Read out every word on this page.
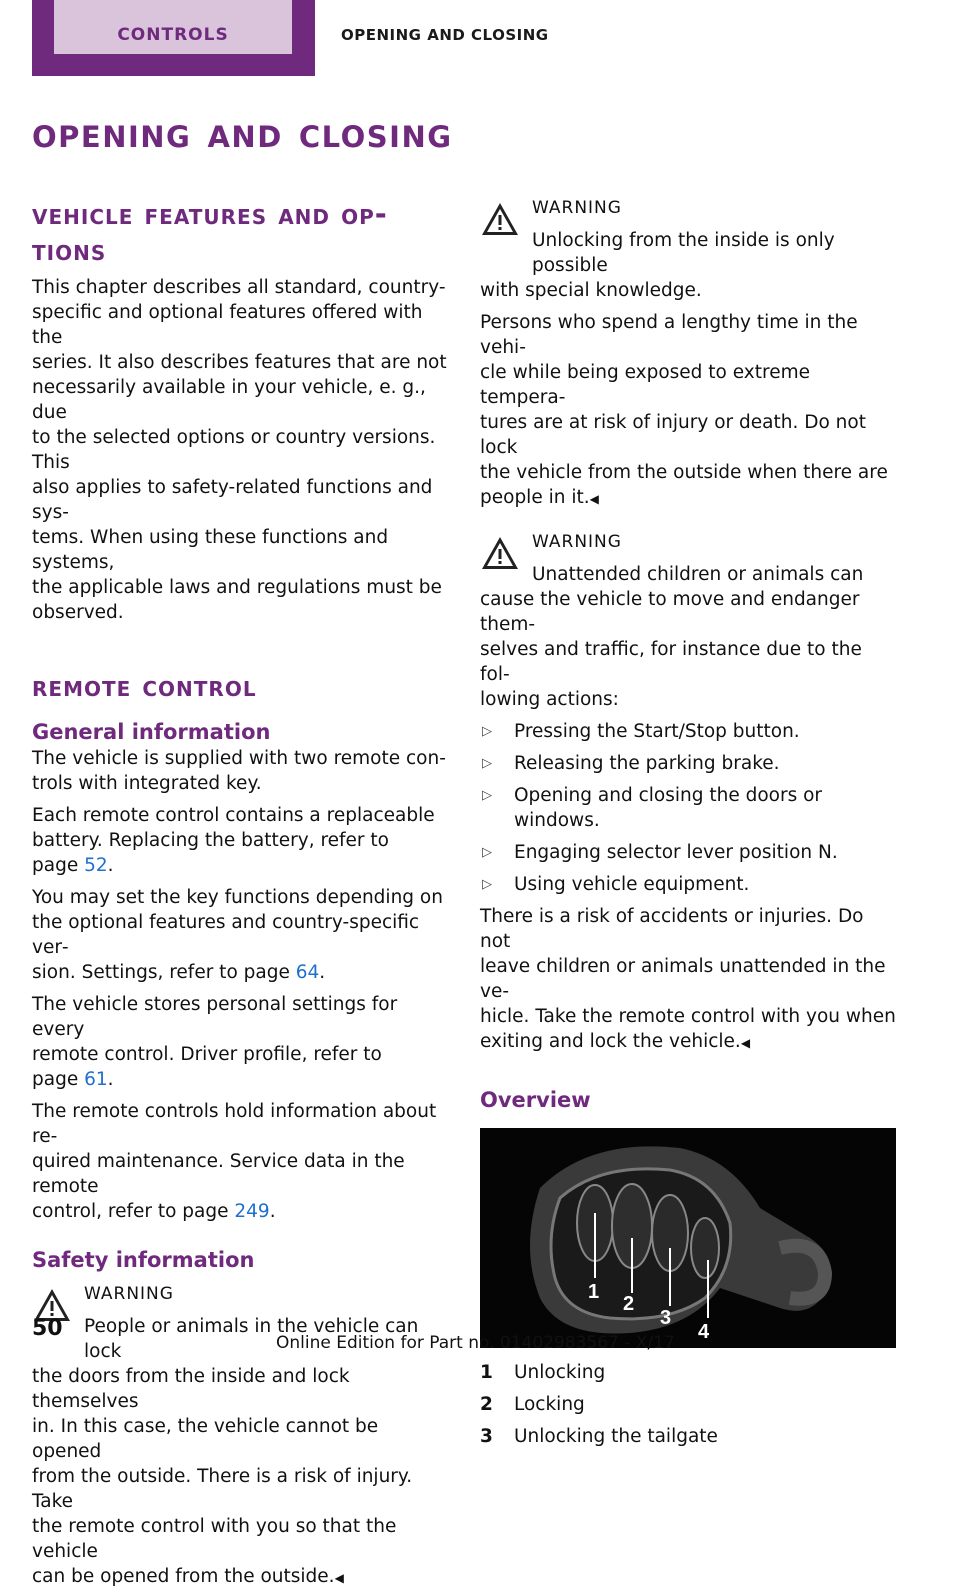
CONTROLS	OPENING AND CLOSING
opening and closing
vehicle features and op‐
tions

This chapter describes all standard, country-
specific and optional features offered with the
series. It also describes features that are not
necessarily available in your vehicle, e. g., due
to the selected options or country versions. This
also applies to safety-related functions and sys‐
tems. When using these functions and systems,
the applicable laws and regulations must be
observed.

remote control
General information

The vehicle is supplied with two remote con‐
trols with integrated key.

Each remote control contains a replaceable
battery. Replacing the battery, refer to
page 52.

You may set the key functions depending on
the optional features and country-specific ver‐
sion. Settings, refer to page 64.

The vehicle stores personal settings for every
remote control. Driver profile, refer to
page 61.

The remote controls hold information about re‐
quired maintenance. Service data in the remote
control, refer to page 249.

Safety information
WARNING
People or animals in the vehicle can lock

the doors from the inside and lock themselves
in. In this case, the vehicle cannot be opened
from the outside. There is a risk of injury. Take
the remote control with you so that the vehicle
can be opened from the outside.◀

WARNING
Unlocking from the inside is only possible

with special knowledge.

Persons who spend a lengthy time in the vehi‐
cle while being exposed to extreme tempera‐
tures are at risk of injury or death. Do not lock
the vehicle from the outside when there are
people in it.◀

WARNING
Unattended children or animals can

cause the vehicle to move and endanger them‐
selves and traffic, for instance due to the fol‐
lowing actions:

▷ Pressing the Start/Stop button.
▷ Releasing the parking brake.
▷ Opening and closing the doors or windows.
▷ Engaging selector lever position N.
▷ Using vehicle equipment.

There is a risk of accidents or injuries. Do not
leave children or animals unattended in the ve‐
hicle. Take the remote control with you when
exiting and lock the vehicle.◀

Overview
1
2
3
4
1	Unlocking
2	Locking
3	Unlocking the tailgate
50
Online Edition for Part no. 01402983567 - X/17
